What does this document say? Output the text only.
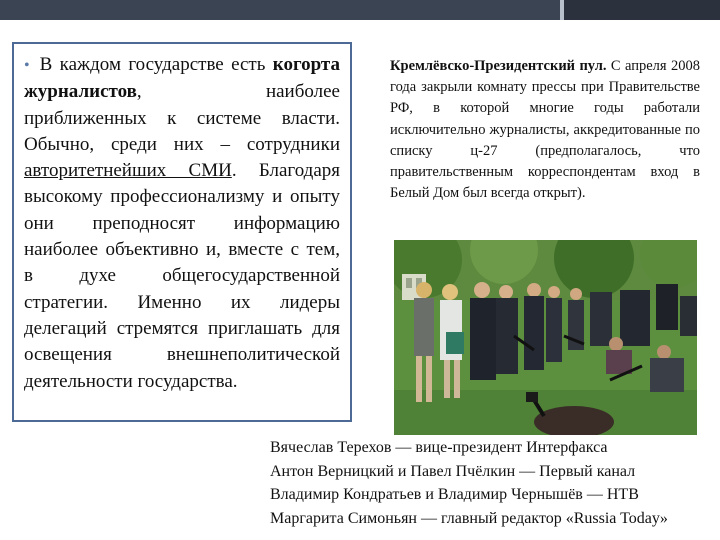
• В каждом государстве есть когорта журналистов, наиболее приближенных к системе власти. Обычно, среди них – сотрудники авторитетнейших СМИ. Благодаря высокому профессионализму и опыту они преподносят информацию наиболее объективно и, вместе с тем, в духе общегосударственной стратегии. Именно их лидеры делегаций стремятся приглашать для освещения внешнеполитической деятельности государства.

Кремлёвско-Президентский пул. С апреля 2008 года закрыли комнату прессы при Правительстве РФ, в которой многие годы работали исключительно журналисты, аккредитованные по списку ц-27 (предполагалось, что правительственным корреспондентам вход в Белый Дом был всегда открыт).

Вячеслав Терехов — вице-президент Интерфакса
Антон Верницкий и Павел Пчёлкин — Первый канал
Владимир Кондратьев и Владимир Чернышёв — НТВ
Маргарита Симоньян — главный редактор «Russia Today»
